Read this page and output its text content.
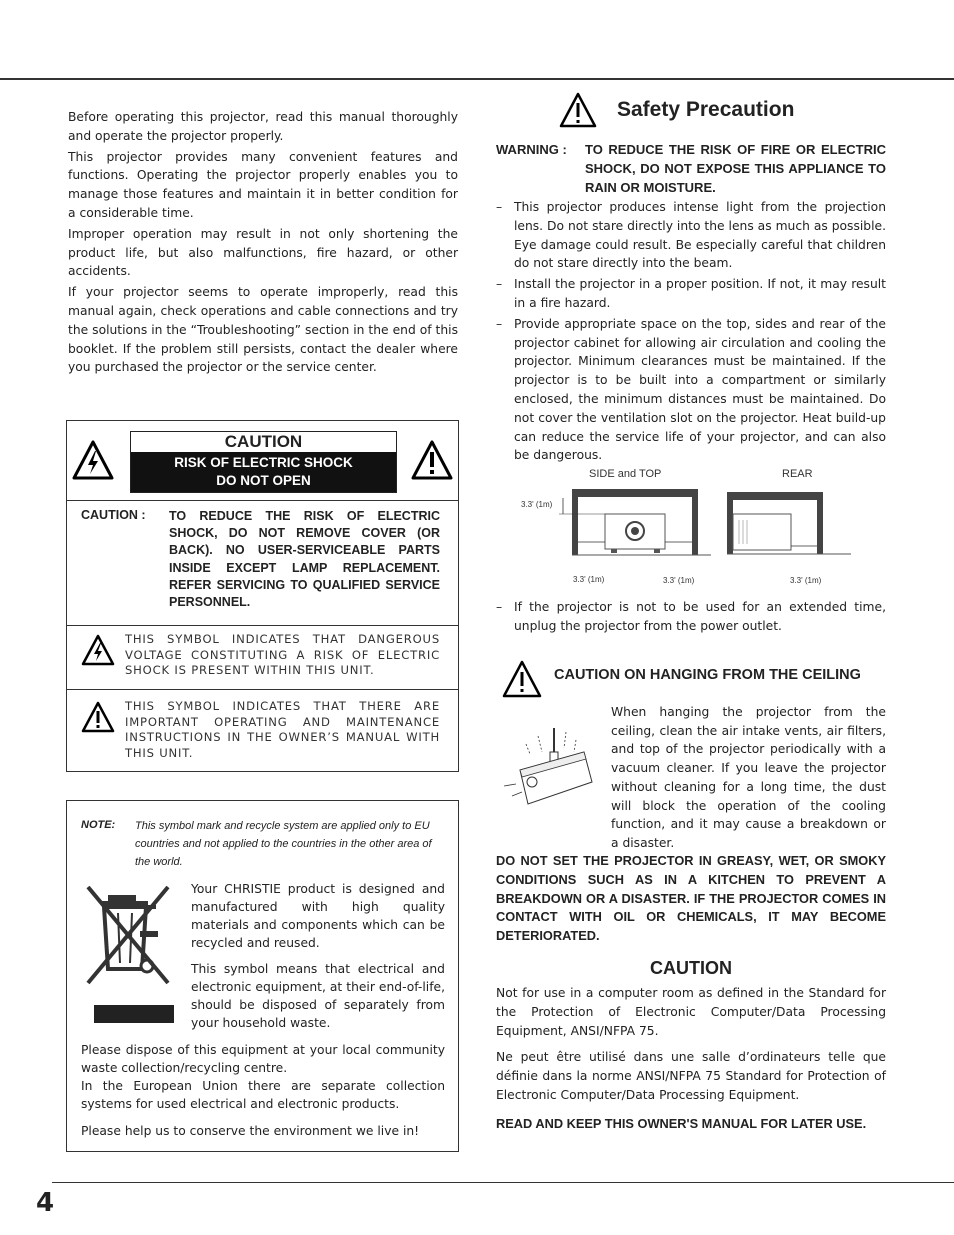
4

Before operating this projector, read this manual thoroughly and operate the projector properly.

This projector provides many convenient features and functions. Operating the projector properly enables you to manage those features and maintain it in better condition for a considerable time.

Improper operation may result in not only shortening the product life, but also malfunctions, fire hazard, or other accidents.

If your projector seems to operate improperly, read this manual again, check operations and cable connections and try the solutions in the “Troubleshooting” section in the end of this booklet. If the problem still persists, contact the dealer where you purchased the projector or the service center.

CAUTION
RISK OF ELECTRIC SHOCK
DO NOT OPEN
CAUTION : TO REDUCE THE RISK OF ELECTRIC SHOCK, DO NOT REMOVE COVER (OR BACK). NO USER-SERVICEABLE PARTS INSIDE EXCEPT LAMP REPLACEMENT. REFER SERVICING TO QUALIFIED SERVICE PERSONNEL.
THIS SYMBOL INDICATES THAT DANGEROUS VOLTAGE CONSTITUTING A RISK OF ELECTRIC SHOCK IS PRESENT WITHIN THIS UNIT.
THIS SYMBOL INDICATES THAT THERE ARE IMPORTANT OPERATING AND MAINTENANCE INSTRUCTIONS IN THE OWNER’S MANUAL WITH THIS UNIT.
NOTE: This symbol mark and recycle system are applied only to EU countries and not applied to the countries in the other area of the world.

Your CHRISTIE product is designed and manufactured with high quality materials and components which can be recycled and reused.

This symbol means that electrical and electronic equipment, at their end-of-life, should be disposed of separately from your household waste.

Please dispose of this equipment at your local community waste collection/recycling centre.

In the European Union there are separate collection systems for used electrical and electronic products.

Please help us to conserve the environment we live in!

Safety Precaution
WARNING : TO REDUCE THE RISK OF FIRE OR ELECTRIC SHOCK, DO NOT EXPOSE THIS APPLIANCE TO RAIN OR MOISTURE.
– This projector produces intense light from the projection lens. Do not stare directly into the lens as much as possible. Eye damage could result. Be especially careful that children do not stare directly into the beam.
– Install the projector in a proper position. If not, it may result in a fire hazard.
– Provide appropriate space on the top, sides and rear of the projector cabinet for allowing air circulation and cooling the projector. Minimum clearances must be maintained. If the projector is to be built into a compartment or similarly enclosed, the minimum distances must be maintained. Do not cover the ventilation slot on the projector. Heat build-up can reduce the service life of your projector, and can also be dangerous.
SIDE and TOP	REAR
3.3' (1m)
3.3' (1m)	3.3' (1m)	3.3' (1m)
– If the projector is not to be used for an extended time, unplug the projector from the power outlet.
CAUTION ON HANGING FROM THE CEILING
When hanging the projector from the ceiling, clean the air intake vents, air filters, and top of the projector periodically with a vacuum cleaner. If you leave the projector without cleaning for a long time, the dust will block the operation of the cooling function, and it may cause a breakdown or a disaster.
DO NOT SET THE PROJECTOR IN GREASY, WET, OR SMOKY CONDITIONS SUCH AS IN A KITCHEN TO PREVENT A BREAKDOWN OR A DISASTER. IF THE PROJECTOR COMES IN CONTACT WITH OIL OR CHEMICALS, IT MAY BECOME DETERIORATED.
CAUTION

Not for use in a computer room as defined in the Standard for the Protection of Electronic Computer/Data Processing Equipment, ANSI/NFPA 75.

Ne peut être utilisé dans une salle d’ordinateurs telle que définie dans la norme ANSI/NFPA 75 Standard for Protection of Electronic Computer/Data Processing Equipment.

READ AND KEEP THIS OWNER'S MANUAL FOR LATER USE.
